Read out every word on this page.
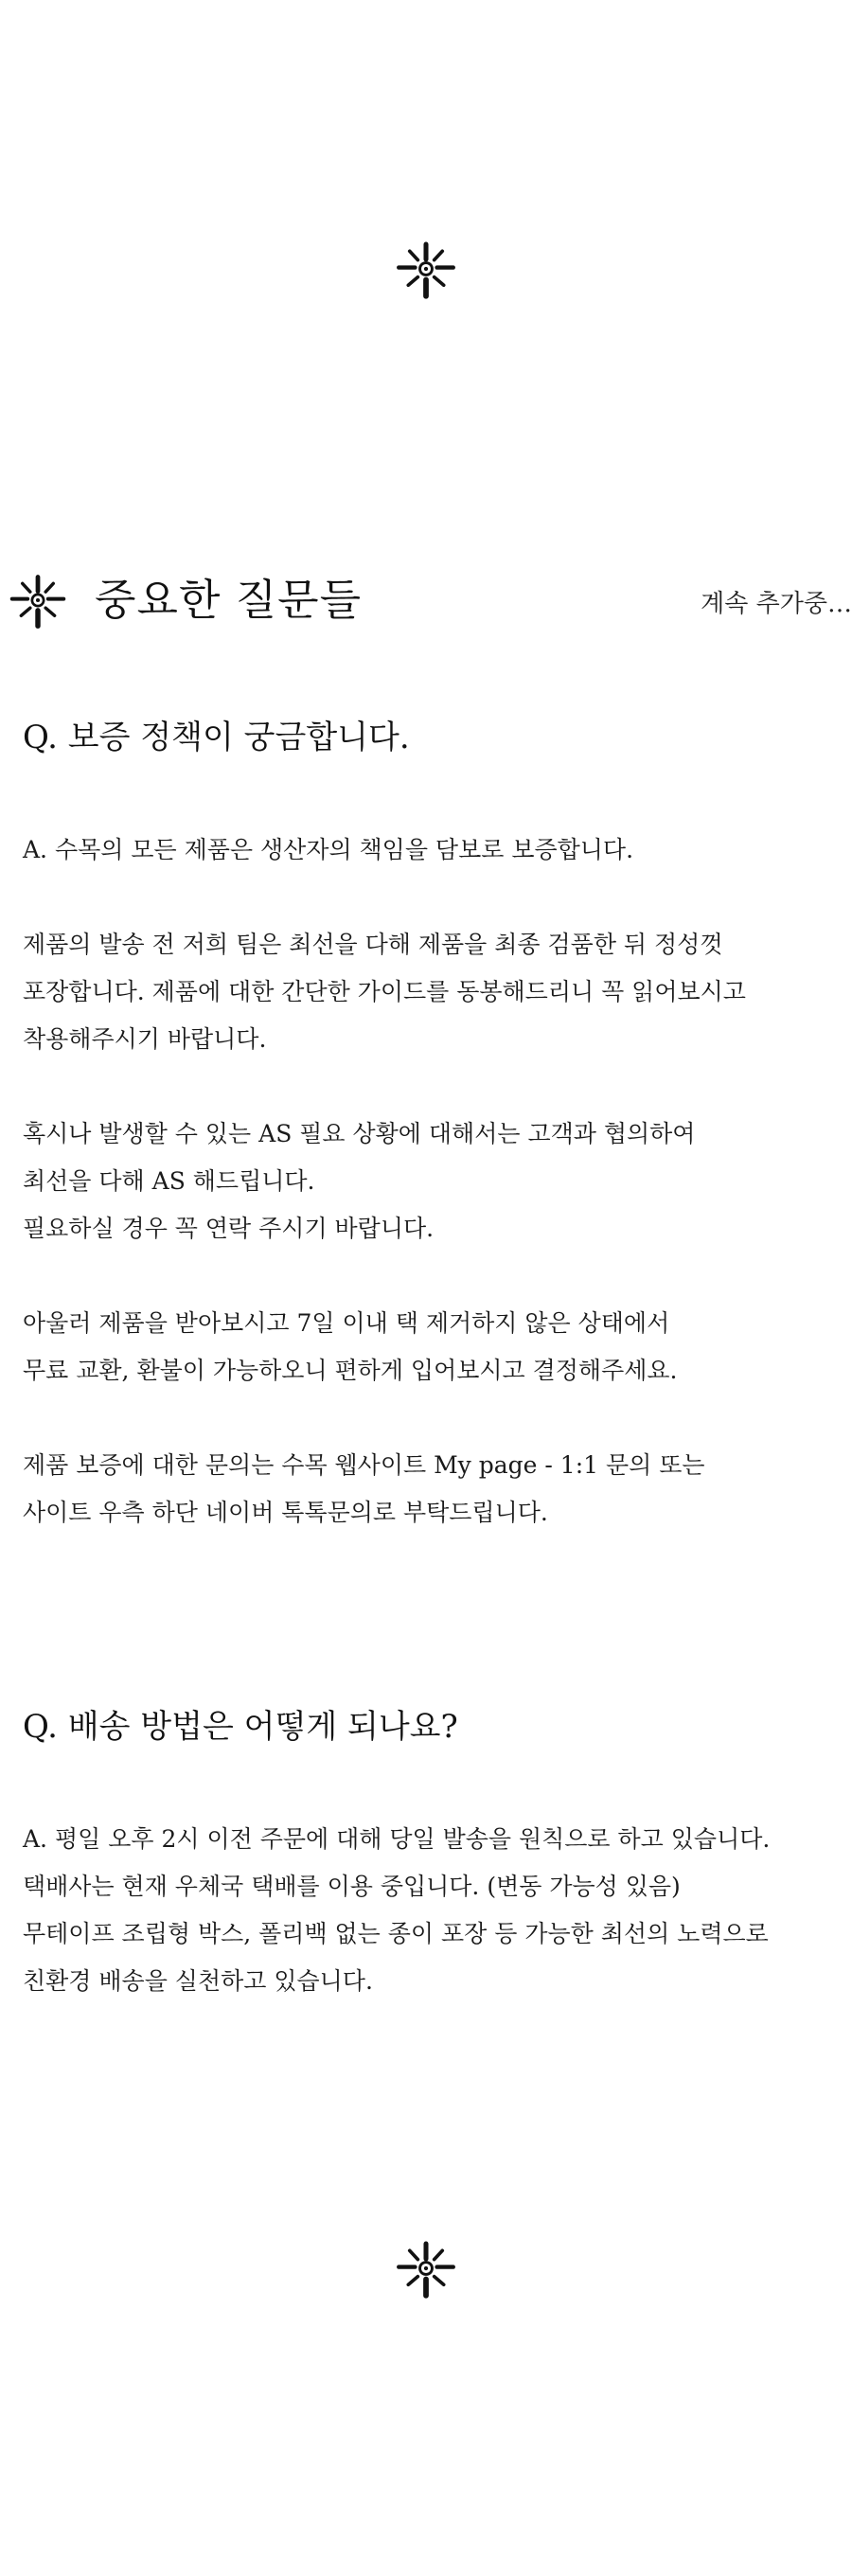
중요한 질문들	계속 추가중…
Q. 보증 정책이 궁금합니다.

A. 수목의 모든 제품은 생산자의 책임을 담보로 보증합니다.

제품의 발송 전 저희 팀은 최선을 다해 제품을 최종 검품한 뒤 정성껏
포장합니다. 제품에 대한 간단한 가이드를 동봉해드리니 꼭 읽어보시고
착용해주시기 바랍니다.

혹시나 발생할 수 있는 AS 필요 상황에 대해서는 고객과 협의하여
최선을 다해 AS 해드립니다.
필요하실 경우 꼭 연락 주시기 바랍니다.

아울러 제품을 받아보시고 7일 이내 택 제거하지 않은 상태에서
무료 교환, 환불이 가능하오니 편하게 입어보시고 결정해주세요.

제품 보증에 대한 문의는 수목 웹사이트 My page - 1:1 문의 또는
사이트 우측 하단 네이버 톡톡문의로 부탁드립니다.

Q. 배송 방법은 어떻게 되나요?

A. 평일 오후 2시 이전 주문에 대해 당일 발송을 원칙으로 하고 있습니다.
택배사는 현재 우체국 택배를 이용 중입니다. (변동 가능성 있음)
무테이프 조립형 박스, 폴리백 없는 종이 포장 등 가능한 최선의 노력으로
친환경 배송을 실천하고 있습니다.
